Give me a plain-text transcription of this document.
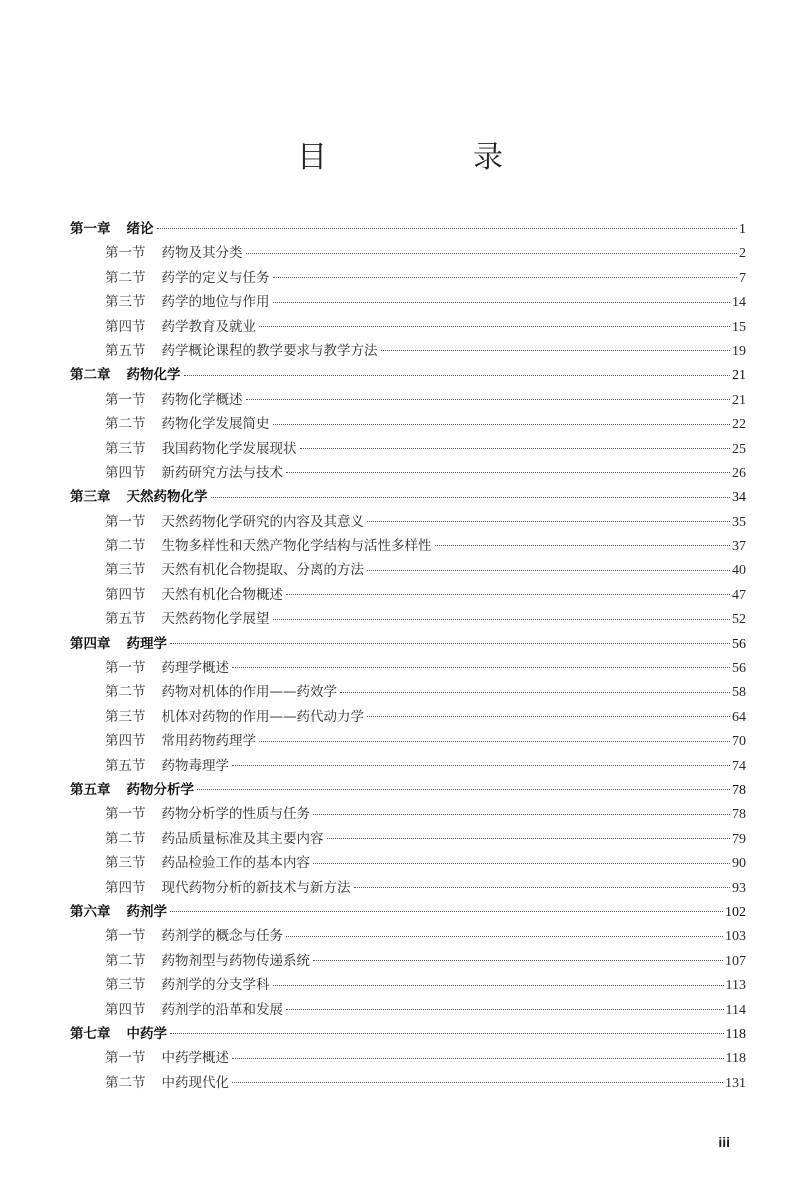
目　录
第一章 绪论	1
第一节 药物及其分类	2
第二节 药学的定义与任务	7
第三节 药学的地位与作用	14
第四节 药学教育及就业	15
第五节 药学概论课程的教学要求与教学方法	19
第二章 药物化学	21
第一节 药物化学概述	21
第二节 药物化学发展简史	22
第三节 我国药物化学发展现状	25
第四节 新药研究方法与技术	26
第三章 天然药物化学	34
第一节 天然药物化学研究的内容及其意义	35
第二节 生物多样性和天然产物化学结构与活性多样性	37
第三节 天然有机化合物提取、分离的方法	40
第四节 天然有机化合物概述	47
第五节 天然药物化学展望	52
第四章 药理学	56
第一节 药理学概述	56
第二节 药物对机体的作用——药效学	58
第三节 机体对药物的作用——药代动力学	64
第四节 常用药物药理学	70
第五节 药物毒理学	74
第五章 药物分析学	78
第一节 药物分析学的性质与任务	78
第二节 药品质量标准及其主要内容	79
第三节 药品检验工作的基本内容	90
第四节 现代药物分析的新技术与新方法	93
第六章 药剂学	102
第一节 药剂学的概念与任务	103
第二节 药物剂型与药物传递系统	107
第三节 药剂学的分支学科	113
第四节 药剂学的沿革和发展	114
第七章 中药学	118
第一节 中药学概述	118
第二节 中药现代化	131
iii
